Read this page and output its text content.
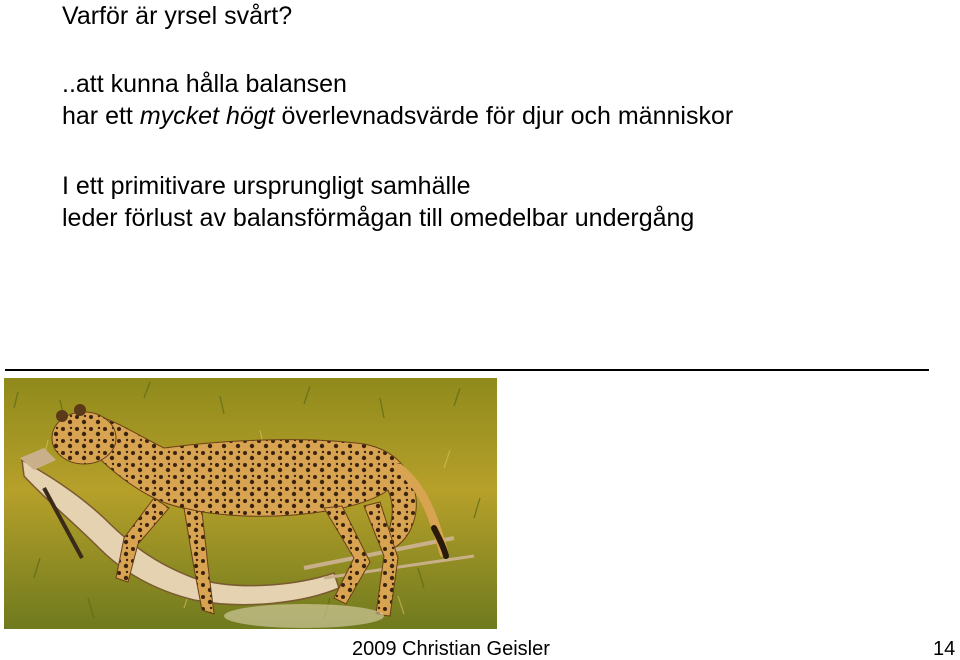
Varför är yrsel svårt?
..att kunna hålla balansen
har ett mycket högt överlevnadsvärde för djur och människor
I ett primitivare ursprungligt samhälle
leder förlust av balansförmågan till omedelbar undergång
2009 Christian Geisler	14
